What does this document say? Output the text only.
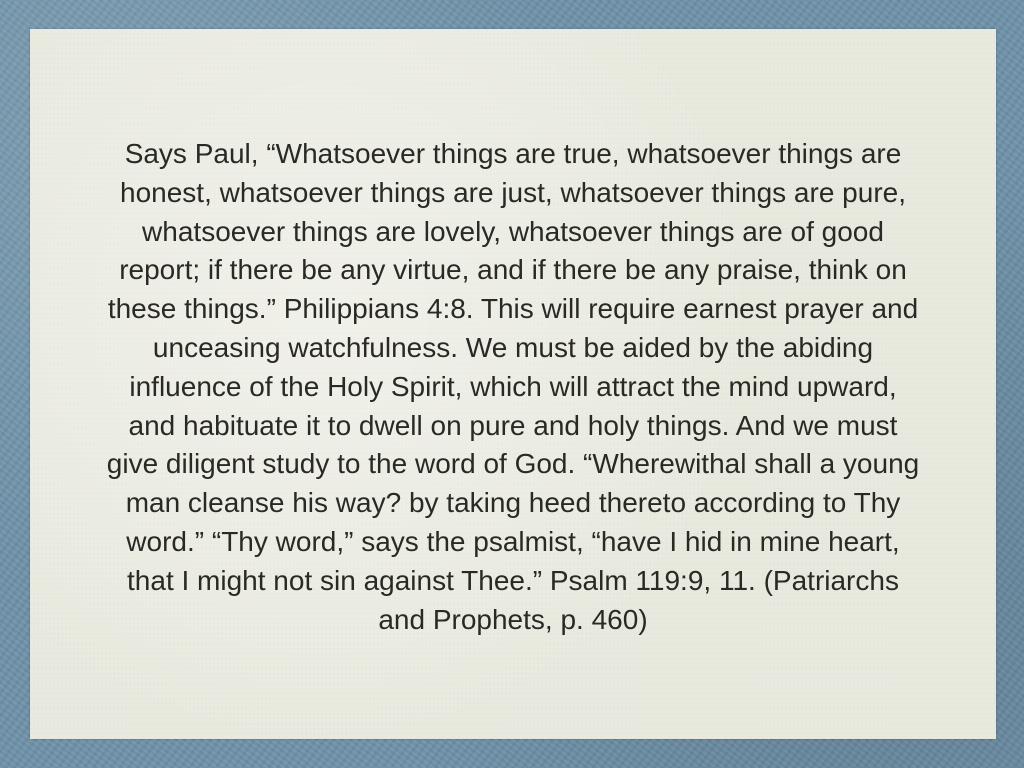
Says Paul, “Whatsoever things are true, whatsoever things are
honest, whatsoever things are just, whatsoever things are pure,
whatsoever things are lovely, whatsoever things are of good
report; if there be any virtue, and if there be any praise, think on
these things.” Philippians 4:8. This will require earnest prayer and
unceasing watchfulness. We must be aided by the abiding
influence of the Holy Spirit, which will attract the mind upward,
and habituate it to dwell on pure and holy things. And we must
give diligent study to the word of God. “Wherewithal shall a young
man cleanse his way? by taking heed thereto according to Thy
word.” “Thy word,” says the psalmist, “have I hid in mine heart,
that I might not sin against Thee.” Psalm 119:9, 11. (Patriarchs
and Prophets, p. 460)
